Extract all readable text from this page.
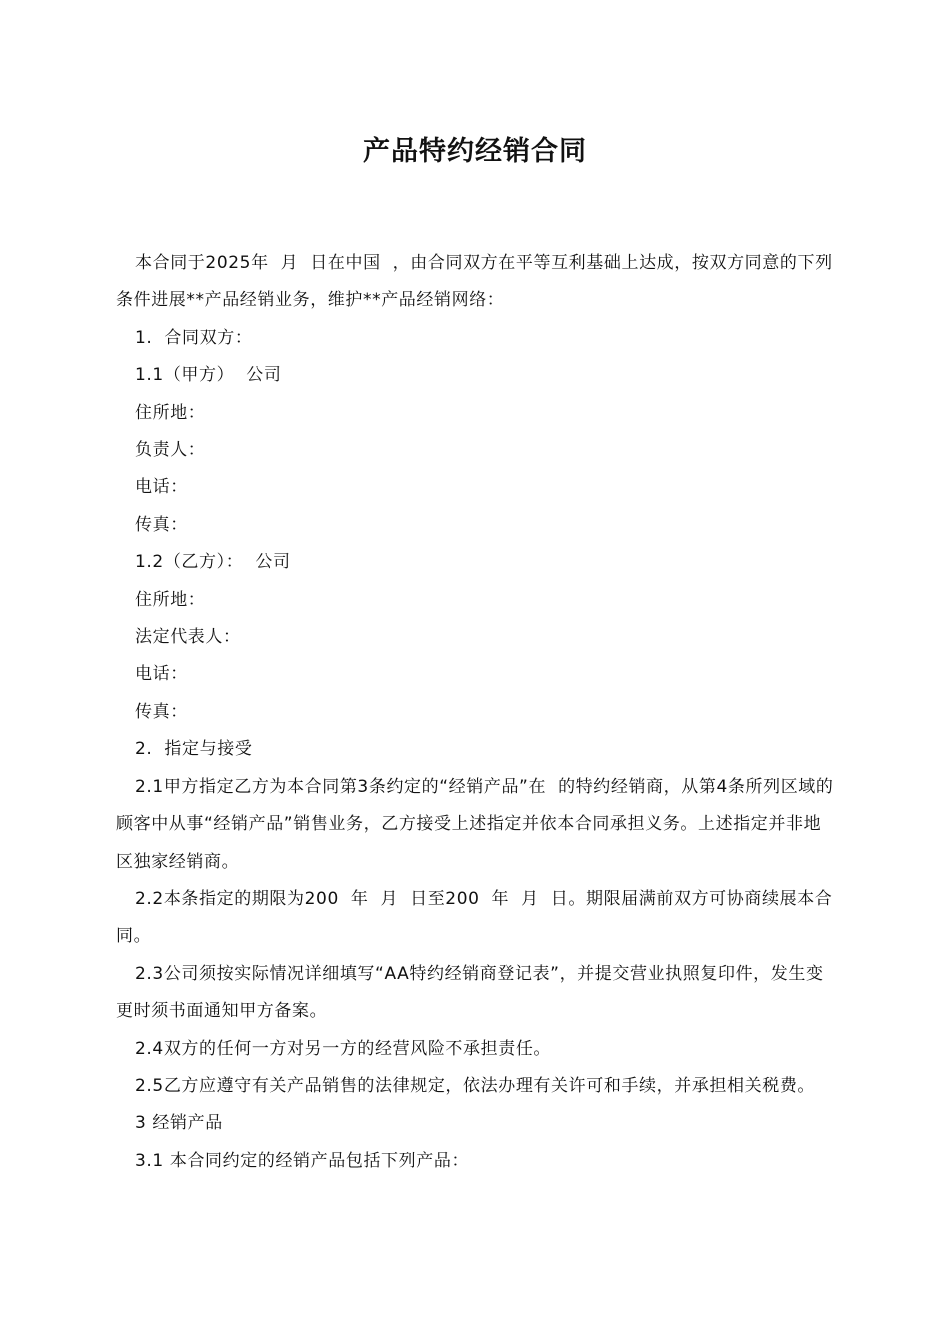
产品特约经销合同

本合同于2025年  月  日在中国  ，由合同双方在平等互利基础上达成，按双方同意的下列条件进展**产品经销业务，维护**产品经销网络：

1.  合同双方：

1.1（甲方）  公司

住所地：

负责人：

电话：

传真：

1.2（乙方）：  公司

住所地：

法定代表人：

电话：

传真：

2.  指定与接受

2.1甲方指定乙方为本合同第3条约定的“经销产品”在  的特约经销商，从第4条所列区域的顾客中从事“经销产品”销售业务，乙方接受上述指定并依本合同承担义务。上述指定并非地区独家经销商。

2.2本条指定的期限为200  年  月  日至200  年  月  日。期限届满前双方可协商续展本合同。

2.3公司须按实际情况详细填写“AA特约经销商登记表”，并提交营业执照复印件，发生变更时须书面通知甲方备案。

2.4双方的任何一方对另一方的经营风险不承担责任。

2.5乙方应遵守有关产品销售的法律规定，依法办理有关许可和手续，并承担相关税费。

3 经销产品

3.1 本合同约定的经销产品包括下列产品：
